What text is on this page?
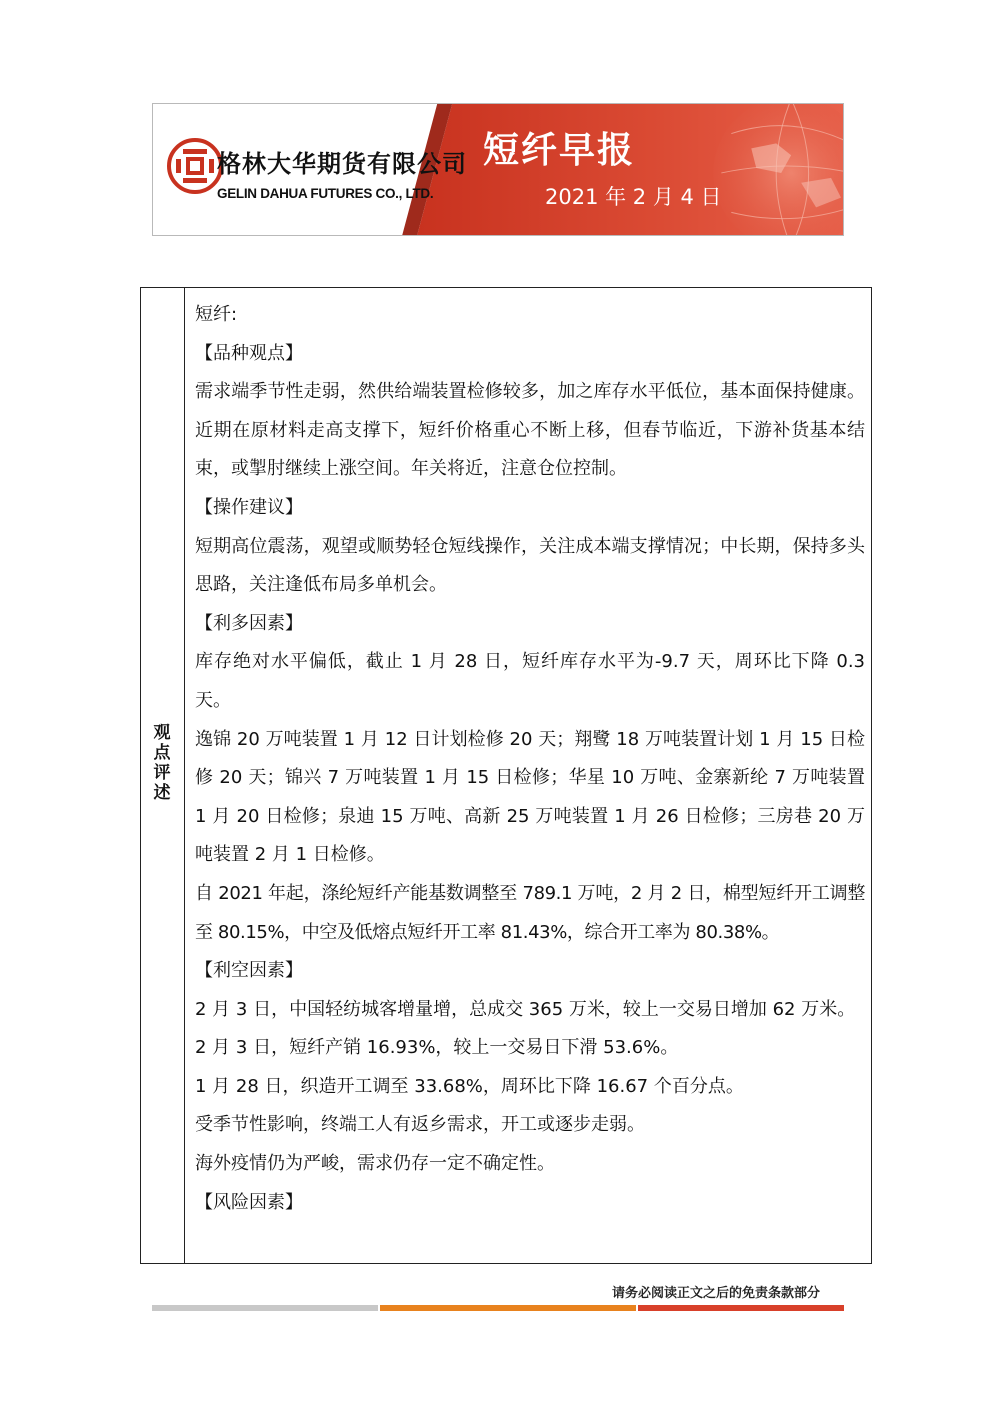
格林大华期货有限公司
GELIN DAHUA FUTURES CO., LTD.
短纤早报
2021 年 2 月 4 日
观
点
评
述

短纤:

【品种观点】

需求端季节性走弱，然供给端装置检修较多，加之库存水平低位，基本面保持健康。近期在原材料走高支撑下，短纤价格重心不断上移，但春节临近，下游补货基本结束，或掣肘继续上涨空间。年关将近，注意仓位控制。

【操作建议】

短期高位震荡，观望或顺势轻仓短线操作，关注成本端支撑情况；中长期，保持多头思路，关注逢低布局多单机会。

【利多因素】

库存绝对水平偏低，截止 1 月 28 日，短纤库存水平为-9.7 天，周环比下降 0.3 天。

逸锦 20 万吨装置 1 月 12 日计划检修 20 天；翔鹭 18 万吨装置计划 1 月 15 日检修 20 天；锦兴 7 万吨装置 1 月 15 日检修；华星 10 万吨、金寨新纶 7 万吨装置 1 月 20 日检修；泉迪 15 万吨、高新 25 万吨装置 1 月 26 日检修；三房巷 20 万吨装置 2 月 1 日检修。

自 2021 年起，涤纶短纤产能基数调整至 789.1 万吨，2 月 2 日，棉型短纤开工调整至 80.15%，中空及低熔点短纤开工率 81.43%，综合开工率为 80.38%。

【利空因素】

2 月 3 日，中国轻纺城客增量增，总成交 365 万米，较上一交易日增加 62 万米。

2 月 3 日，短纤产销 16.93%，较上一交易日下滑 53.6%。

1 月 28 日，织造开工调至 33.68%，周环比下降 16.67 个百分点。

受季节性影响，终端工人有返乡需求，开工或逐步走弱。

海外疫情仍为严峻，需求仍存一定不确定性。

【风险因素】

请务必阅读正文之后的免责条款部分
